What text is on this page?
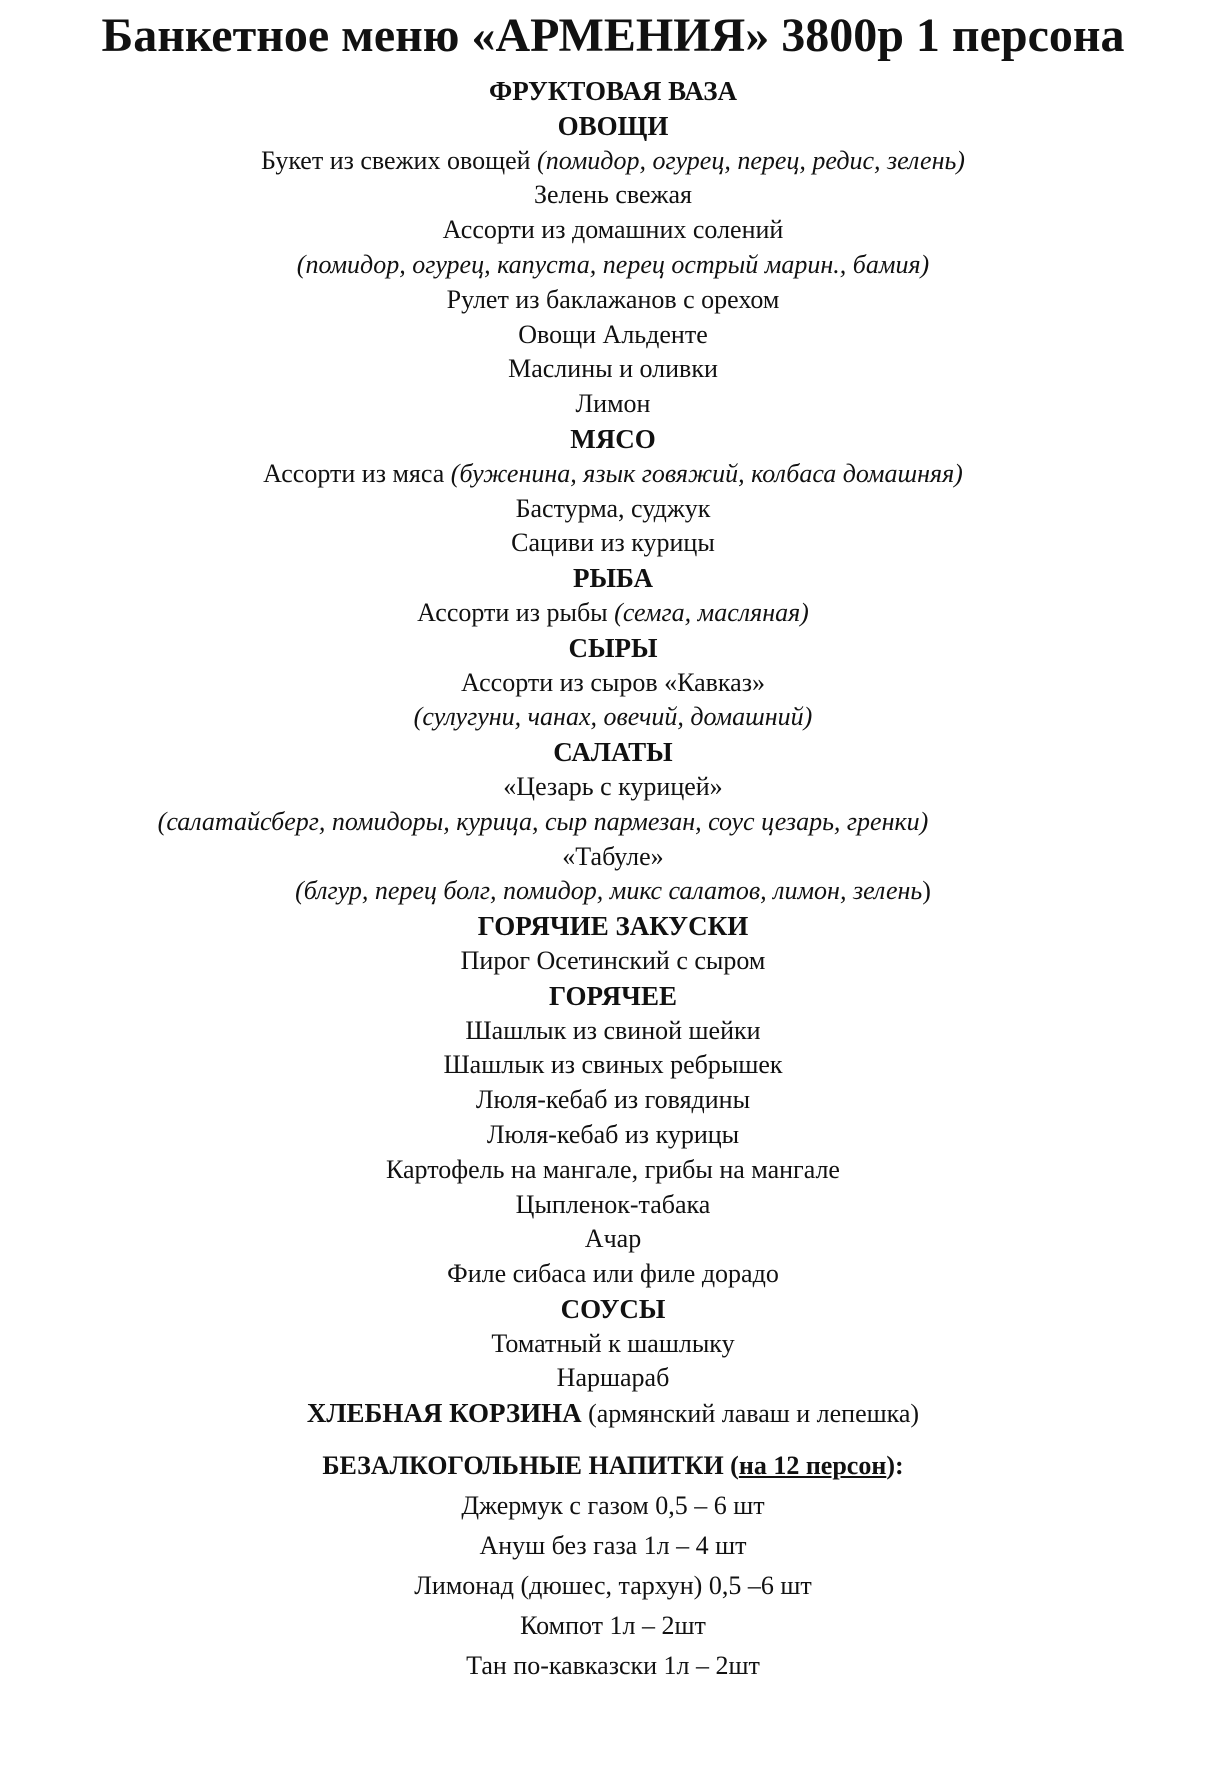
Банкетное меню «АРМЕНИЯ» 3800р 1 персона
ФРУКТОВАЯ ВАЗА
ОВОЩИ
Букет из свежих овощей (помидор, огурец, перец, редис, зелень)
Зелень свежая
Ассорти из домашних солений
(помидор, огурец, капуста, перец острый марин., бамия)
Рулет из баклажанов с орехом
Овощи Альденте
Маслины и оливки
Лимон
МЯСО
Ассорти из мяса (буженина, язык говяжий, колбаса домашняя)
Бастурма, суджук
Сациви из курицы
РЫБА
Ассорти из рыбы (семга, масляная)
СЫРЫ
Ассорти из сыров «Кавказ»
(сулугуни, чанах, овечий, домашний)
САЛАТЫ
«Цезарь с курицей»
(салатайсберг, помидоры, курица, сыр пармезан, соус цезарь, гренки)
«Табуле»
(блгур, перец болг, помидор, микс салатов, лимон, зелень)
ГОРЯЧИЕ ЗАКУСКИ
Пирог Осетинский с сыром
ГОРЯЧЕЕ
Шашлык из свиной шейки
Шашлык из свиных ребрышек
Люля-кебаб из говядины
Люля-кебаб из курицы
Картофель на мангале, грибы на мангале
Цыпленок-табака
Ачар
Филе сибаса или филе дорадо
СОУСЫ
Томатный к шашлыку
Наршараб
ХЛЕБНАЯ КОРЗИНА (армянский лаваш и лепешка)
БЕЗАЛКОГОЛЬНЫЕ НАПИТКИ (на 12 персон):
Джермук с газом 0,5 – 6 шт
Ануш без газа 1л – 4 шт
Лимонад (дюшес, тархун) 0,5 –6 шт
Компот 1л – 2шт
Тан по-кавказски 1л – 2шт
